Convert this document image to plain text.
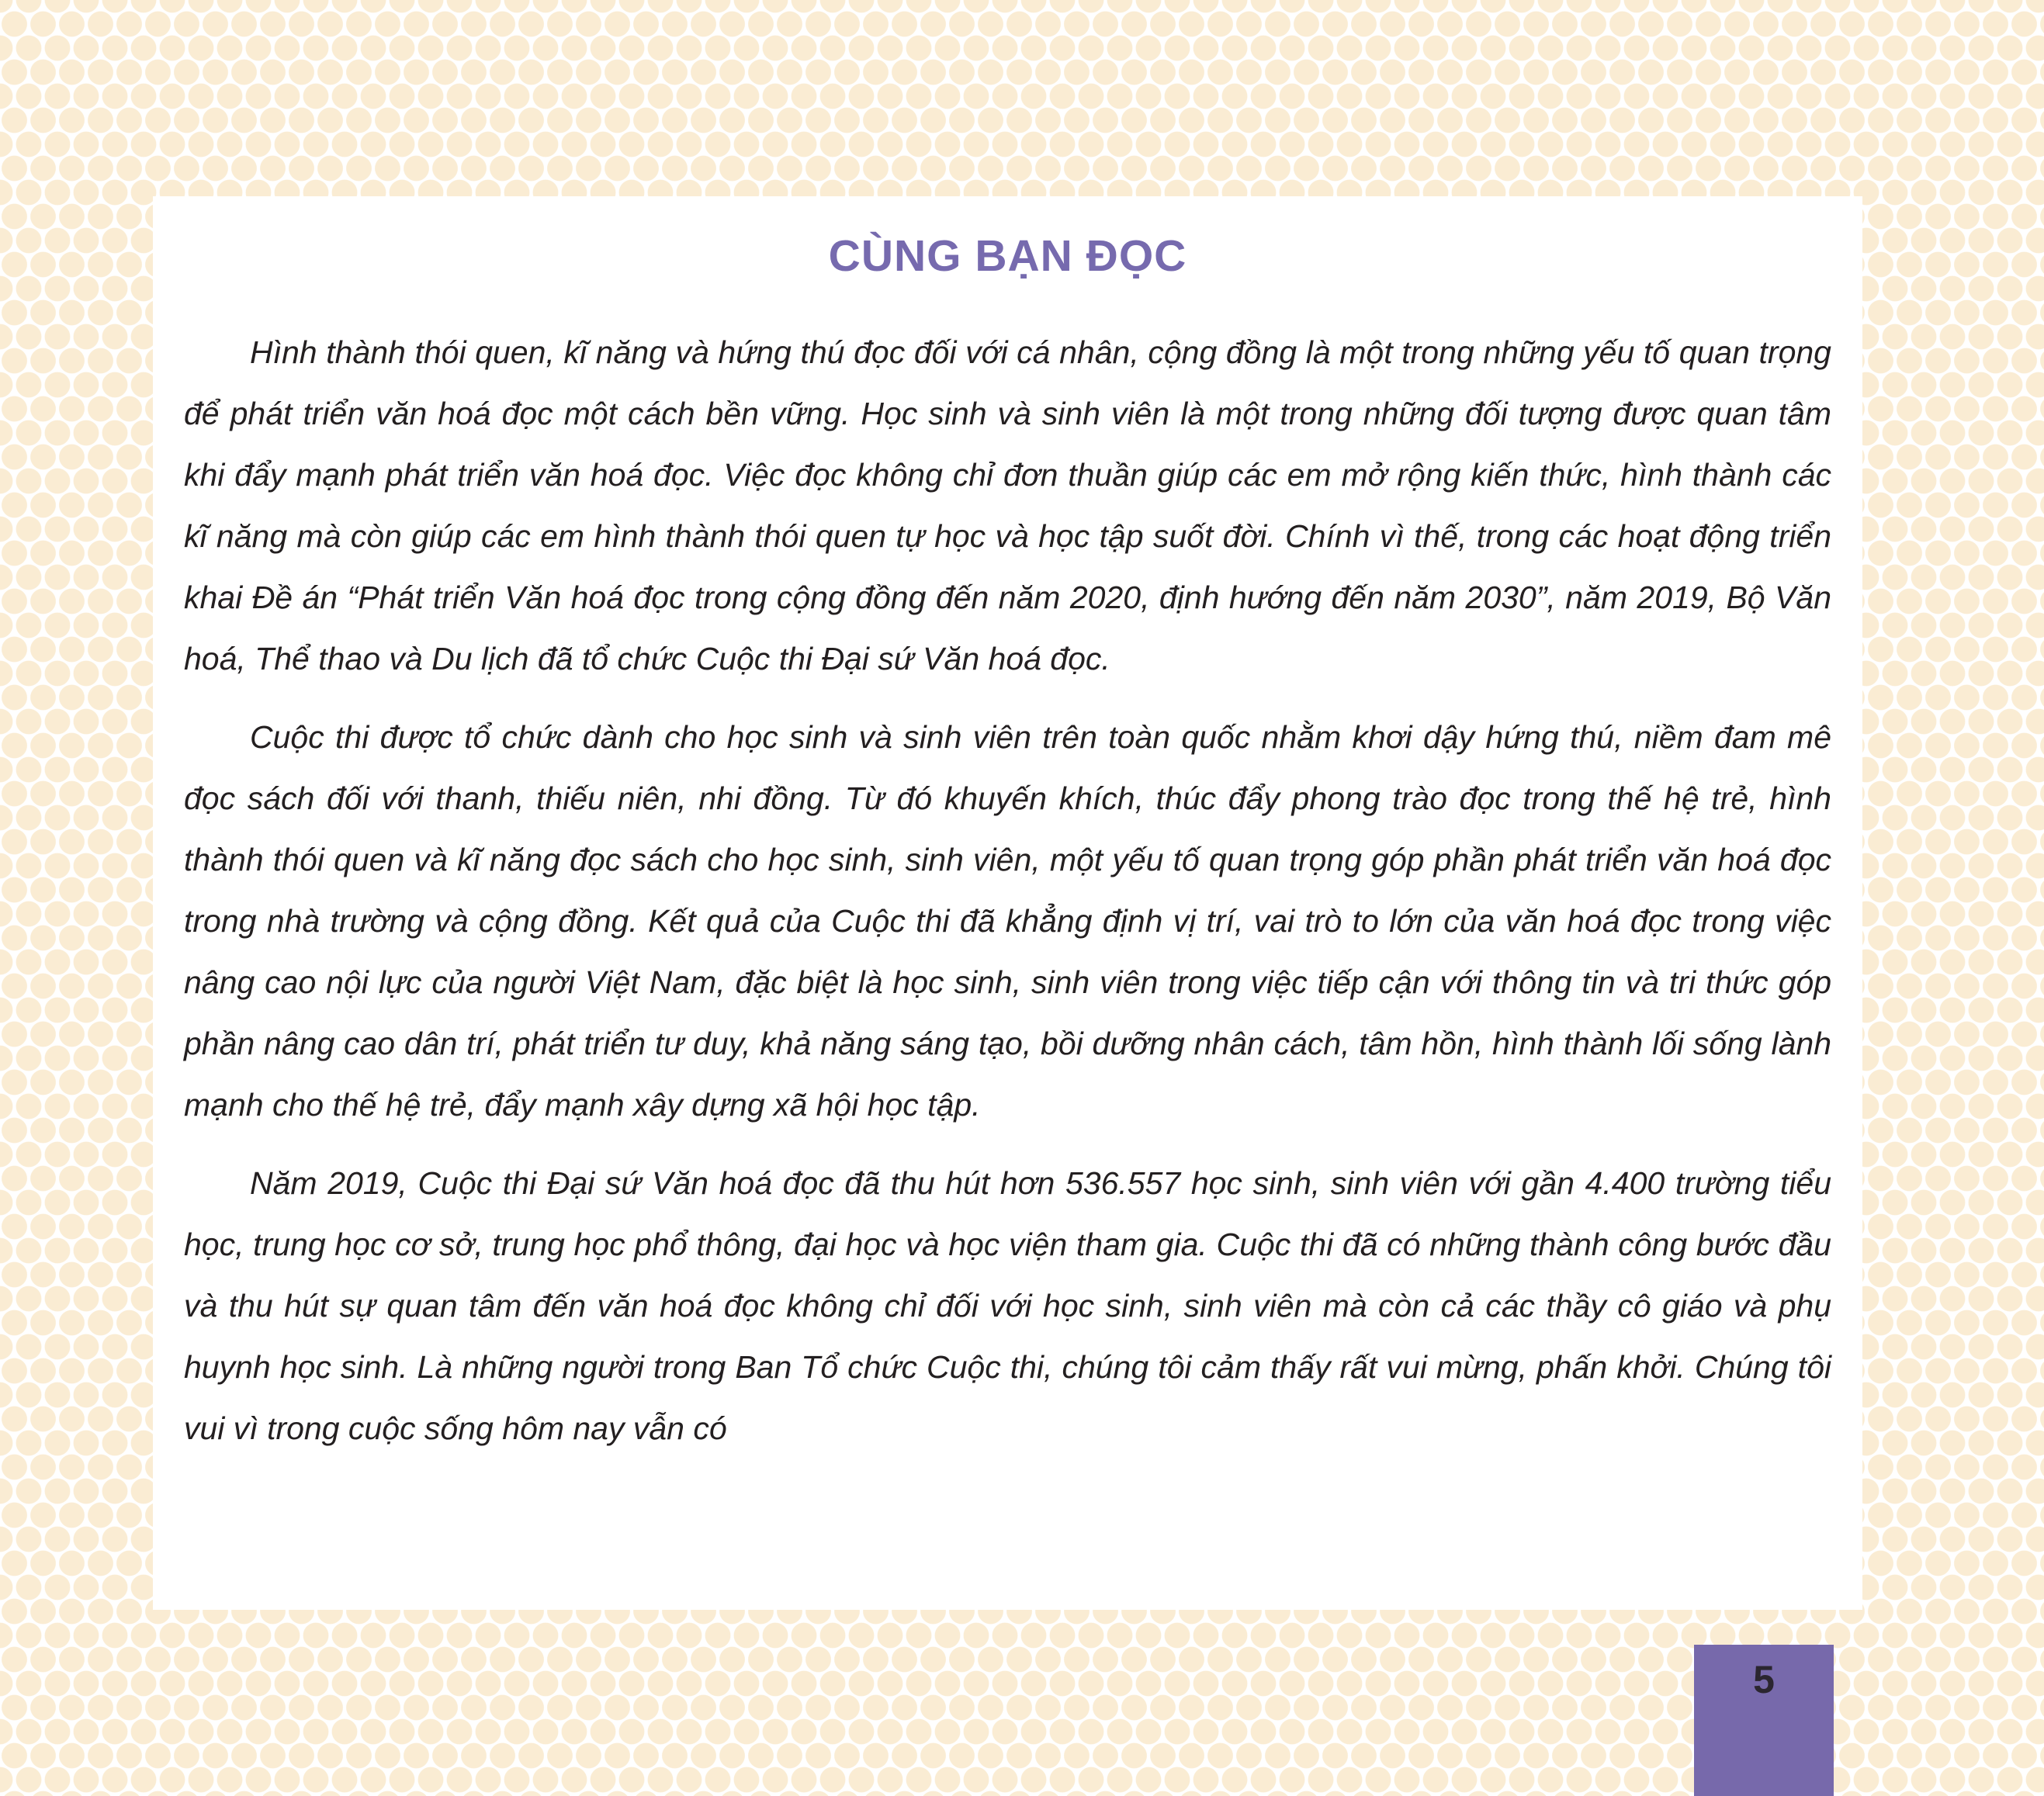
CÙNG BẠN ĐỌC

Hình thành thói quen, kĩ năng và hứng thú đọc đối với cá nhân, cộng đồng là một trong những yếu tố quan trọng để phát triển văn hoá đọc một cách bền vững. Học sinh và sinh viên là một trong những đối tượng được quan tâm khi đẩy mạnh phát triển văn hoá đọc. Việc đọc không chỉ đơn thuần giúp các em mở rộng kiến thức, hình thành các kĩ năng mà còn giúp các em hình thành thói quen tự học và học tập suốt đời. Chính vì thế, trong các hoạt động triển khai Đề án “Phát triển Văn hoá đọc trong cộng đồng đến năm 2020, định hướng đến năm 2030”, năm 2019, Bộ Văn hoá, Thể thao và Du lịch đã tổ chức Cuộc thi Đại sứ Văn hoá đọc.

Cuộc thi được tổ chức dành cho học sinh và sinh viên trên toàn quốc nhằm khơi dậy hứng thú, niềm đam mê đọc sách đối với thanh, thiếu niên, nhi đồng. Từ đó khuyến khích, thúc đẩy phong trào đọc trong thế hệ trẻ, hình thành thói quen và kĩ năng đọc sách cho học sinh, sinh viên, một yếu tố quan trọng góp phần phát triển văn hoá đọc trong nhà trường và cộng đồng. Kết quả của Cuộc thi đã khẳng định vị trí, vai trò to lớn của văn hoá đọc trong việc nâng cao nội lực của người Việt Nam, đặc biệt là học sinh, sinh viên trong việc tiếp cận với thông tin và tri thức góp phần nâng cao dân trí, phát triển tư duy, khả năng sáng tạo, bồi dưỡng nhân cách, tâm hồn, hình thành lối sống lành mạnh cho thế hệ trẻ, đẩy mạnh xây dựng xã hội học tập.

Năm 2019, Cuộc thi Đại sứ Văn hoá đọc đã thu hút hơn 536.557 học sinh, sinh viên với gần 4.400 trường tiểu học, trung học cơ sở, trung học phổ thông, đại học và học viện tham gia. Cuộc thi đã có những thành công bước đầu và thu hút sự quan tâm đến văn hoá đọc không chỉ đối với học sinh, sinh viên mà còn cả các thầy cô giáo và phụ huynh học sinh. Là những người trong Ban Tổ chức Cuộc thi, chúng tôi cảm thấy rất vui mừng, phấn khởi. Chúng tôi vui vì trong cuộc sống hôm nay vẫn có

5
